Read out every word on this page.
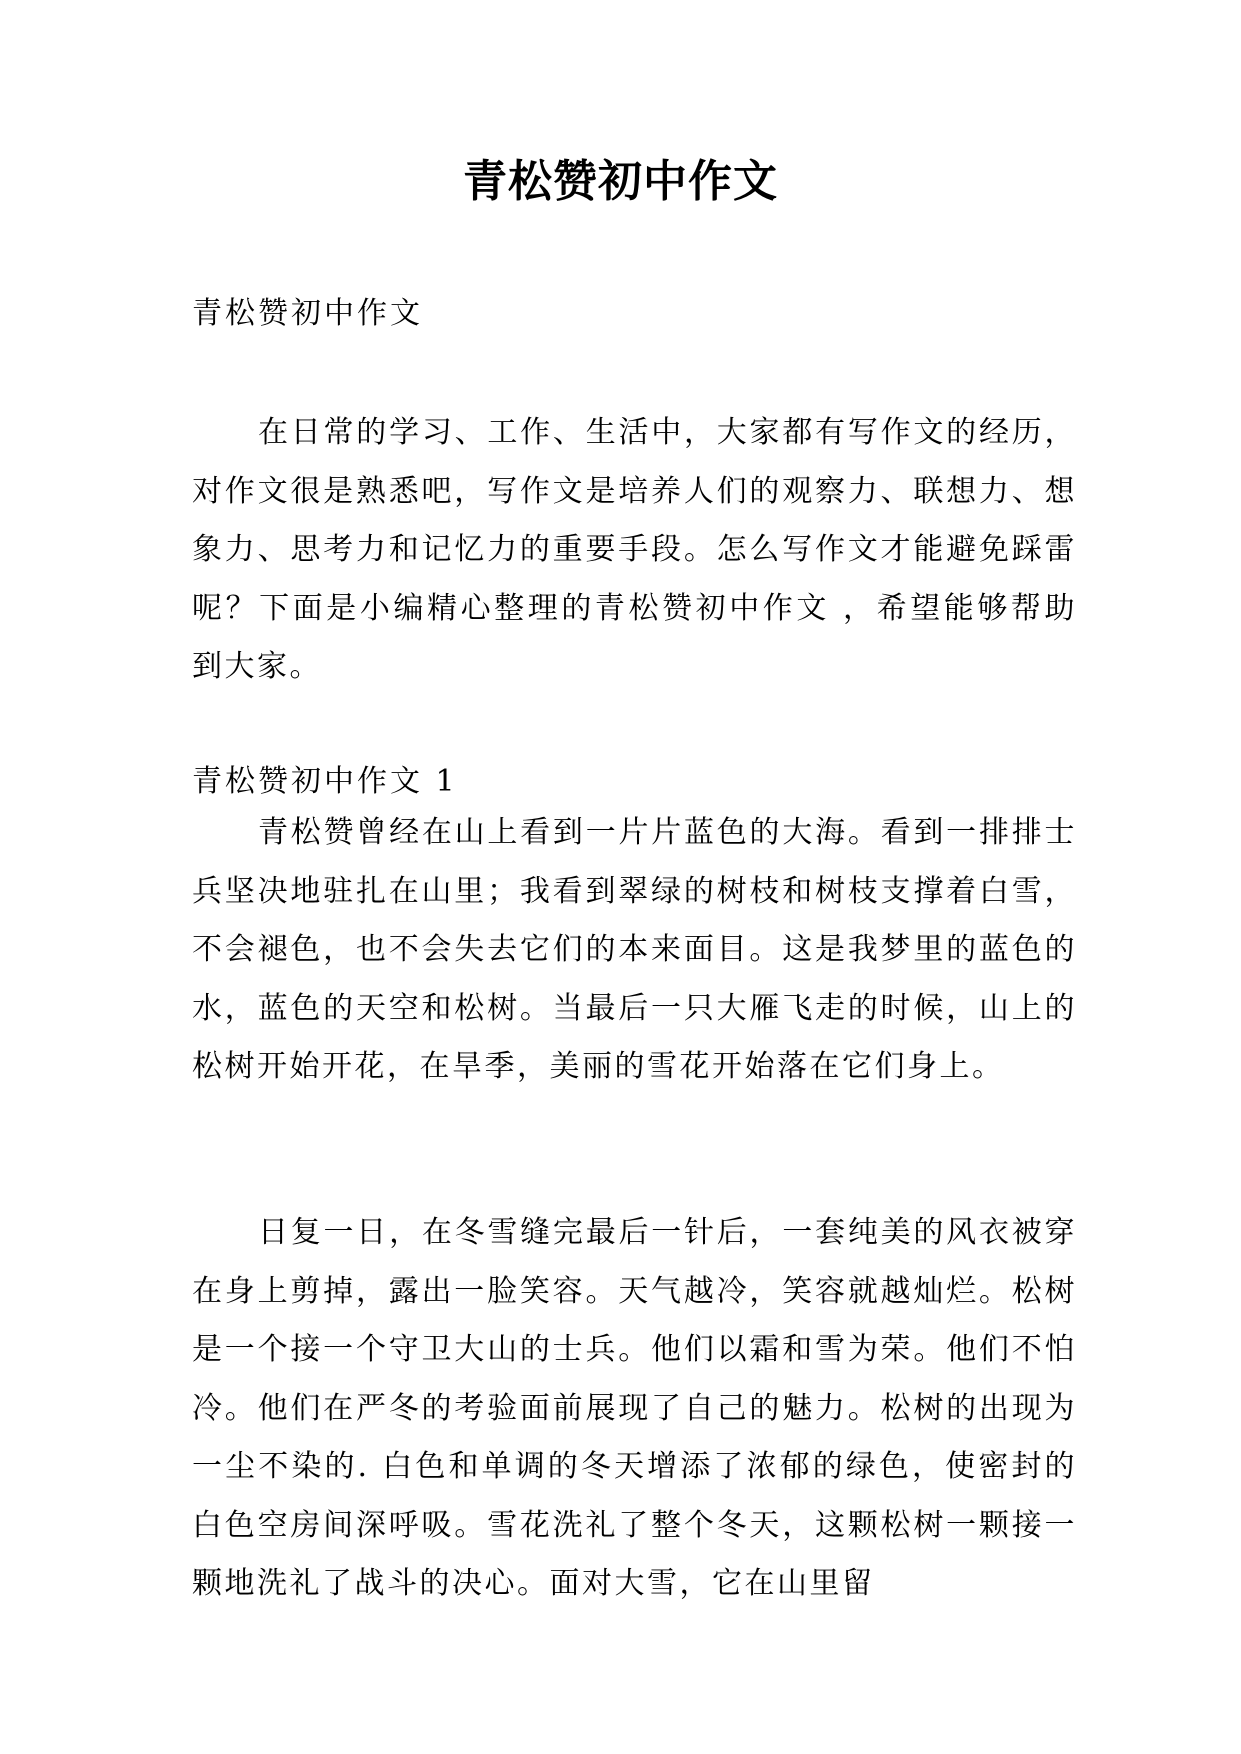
青松赞初中作文

青松赞初中作文

在日常的学习、工作、生活中，大家都有写作文的经历，对作文很是熟悉吧，写作文是培养人们的观察力、联想力、想象力、思考力和记忆力的重要手段。怎么写作文才能避免踩雷呢？下面是小编精心整理的青松赞初中作文 ，希望能够帮助到大家。

青松赞初中作文 1

青松赞曾经在山上看到一片片蓝色的大海。看到一排排士兵坚决地驻扎在山里；我看到翠绿的树枝和树枝支撑着白雪，不会褪色，也不会失去它们的本来面目。这是我梦里的蓝色的水，蓝色的天空和松树。当最后一只大雁飞走的时候，山上的松树开始开花，在旱季，美丽的雪花开始落在它们身上。

日复一日，在冬雪缝完最后一针后，一套纯美的风衣被穿在身上剪掉，露出一脸笑容。天气越冷，笑容就越灿烂。松树是一个接一个守卫大山的士兵。他们以霜和雪为荣。他们不怕冷。他们在严冬的考验面前展现了自己的魅力。松树的出现为一尘不染的. 白色和单调的冬天增添了浓郁的绿色，使密封的白色空房间深呼吸。雪花洗礼了整个冬天，这颗松树一颗接一颗地洗礼了战斗的决心。面对大雪，它在山里留
